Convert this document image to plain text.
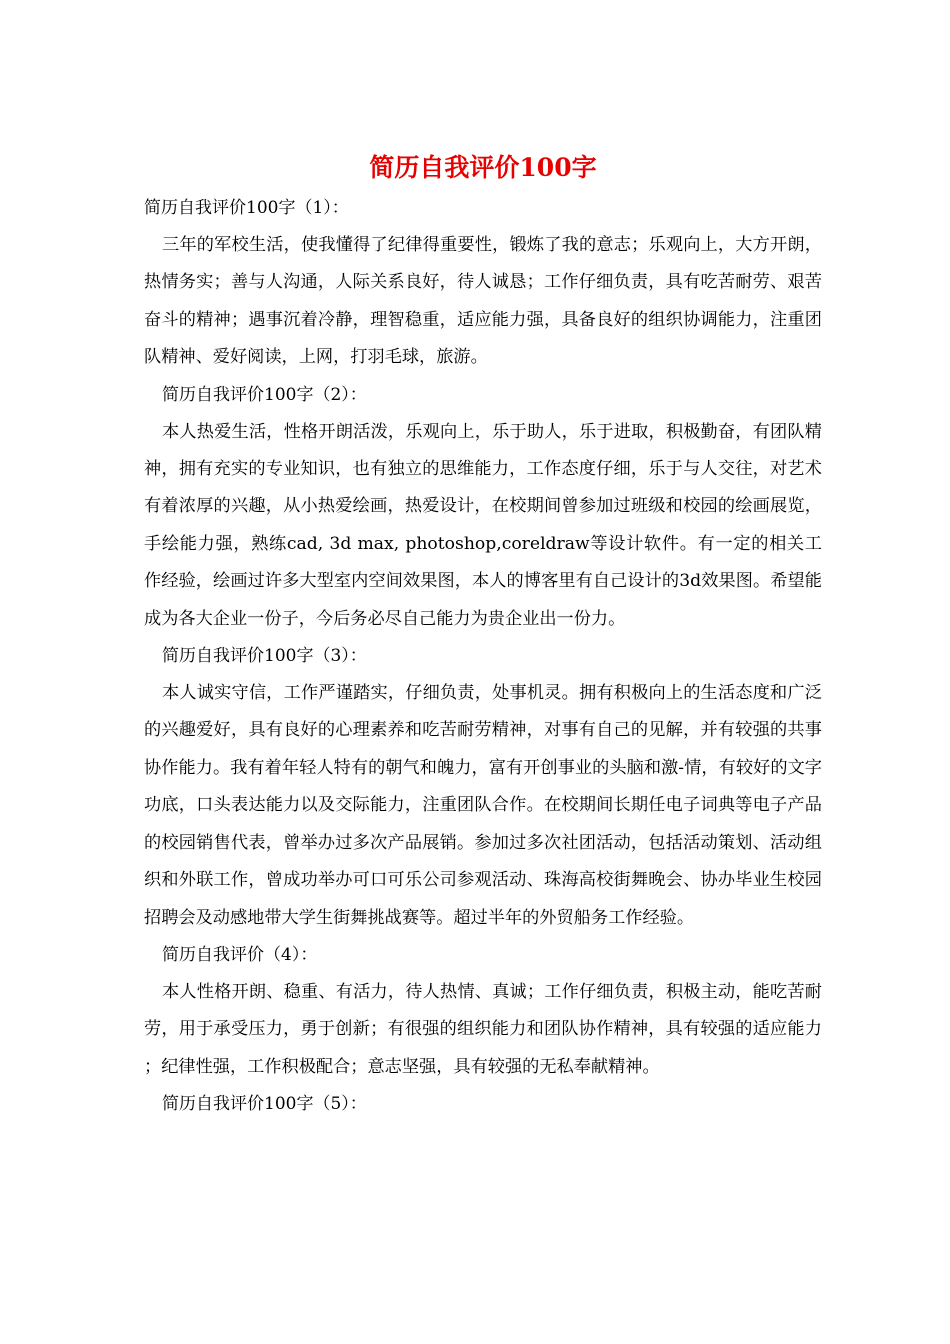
简历自我评价100字

简历自我评价100字（1）：

三年的军校生活，使我懂得了纪律得重要性，锻炼了我的意志；乐观向上，大方开朗，热情务实；善与人沟通，人际关系良好，待人诚恳；工作仔细负责，具有吃苦耐劳、艰苦奋斗的精神；遇事沉着冷静，理智稳重，适应能力强，具备良好的组织协调能力，注重团队精神、爱好阅读，上网，打羽毛球，旅游。

简历自我评价100字（2）：

本人热爱生活，性格开朗活泼，乐观向上，乐于助人，乐于进取，积极勤奋，有团队精神，拥有充实的专业知识，也有独立的思维能力，工作态度仔细，乐于与人交往，对艺术有着浓厚的兴趣，从小热爱绘画，热爱设计，在校期间曾参加过班级和校园的绘画展览，手绘能力强，熟练cad, 3d max, photoshop,coreldraw等设计软件。有一定的相关工作经验，绘画过许多大型室内空间效果图，本人的博客里有自己设计的3d效果图。希望能成为各大企业一份子，今后务必尽自己能力为贵企业出一份力。

简历自我评价100字（3）：

本人诚实守信，工作严谨踏实，仔细负责，处事机灵。拥有积极向上的生活态度和广泛的兴趣爱好，具有良好的心理素养和吃苦耐劳精神，对事有自己的见解，并有较强的共事协作能力。我有着年轻人特有的朝气和魄力，富有开创事业的头脑和激-情，有较好的文字功底，口头表达能力以及交际能力，注重团队合作。在校期间长期任电子词典等电子产品的校园销售代表，曾举办过多次产品展销。参加过多次社团活动，包括活动策划、活动组织和外联工作，曾成功举办可口可乐公司参观活动、珠海高校街舞晚会、协办毕业生校园招聘会及动感地带大学生街舞挑战赛等。超过半年的外贸船务工作经验。

简历自我评价（4）：

本人性格开朗、稳重、有活力，待人热情、真诚；工作仔细负责，积极主动，能吃苦耐劳，用于承受压力，勇于创新；有很强的组织能力和团队协作精神，具有较强的适应能力；纪律性强，工作积极配合；意志坚强，具有较强的无私奉献精神。

简历自我评价100字（5）：
